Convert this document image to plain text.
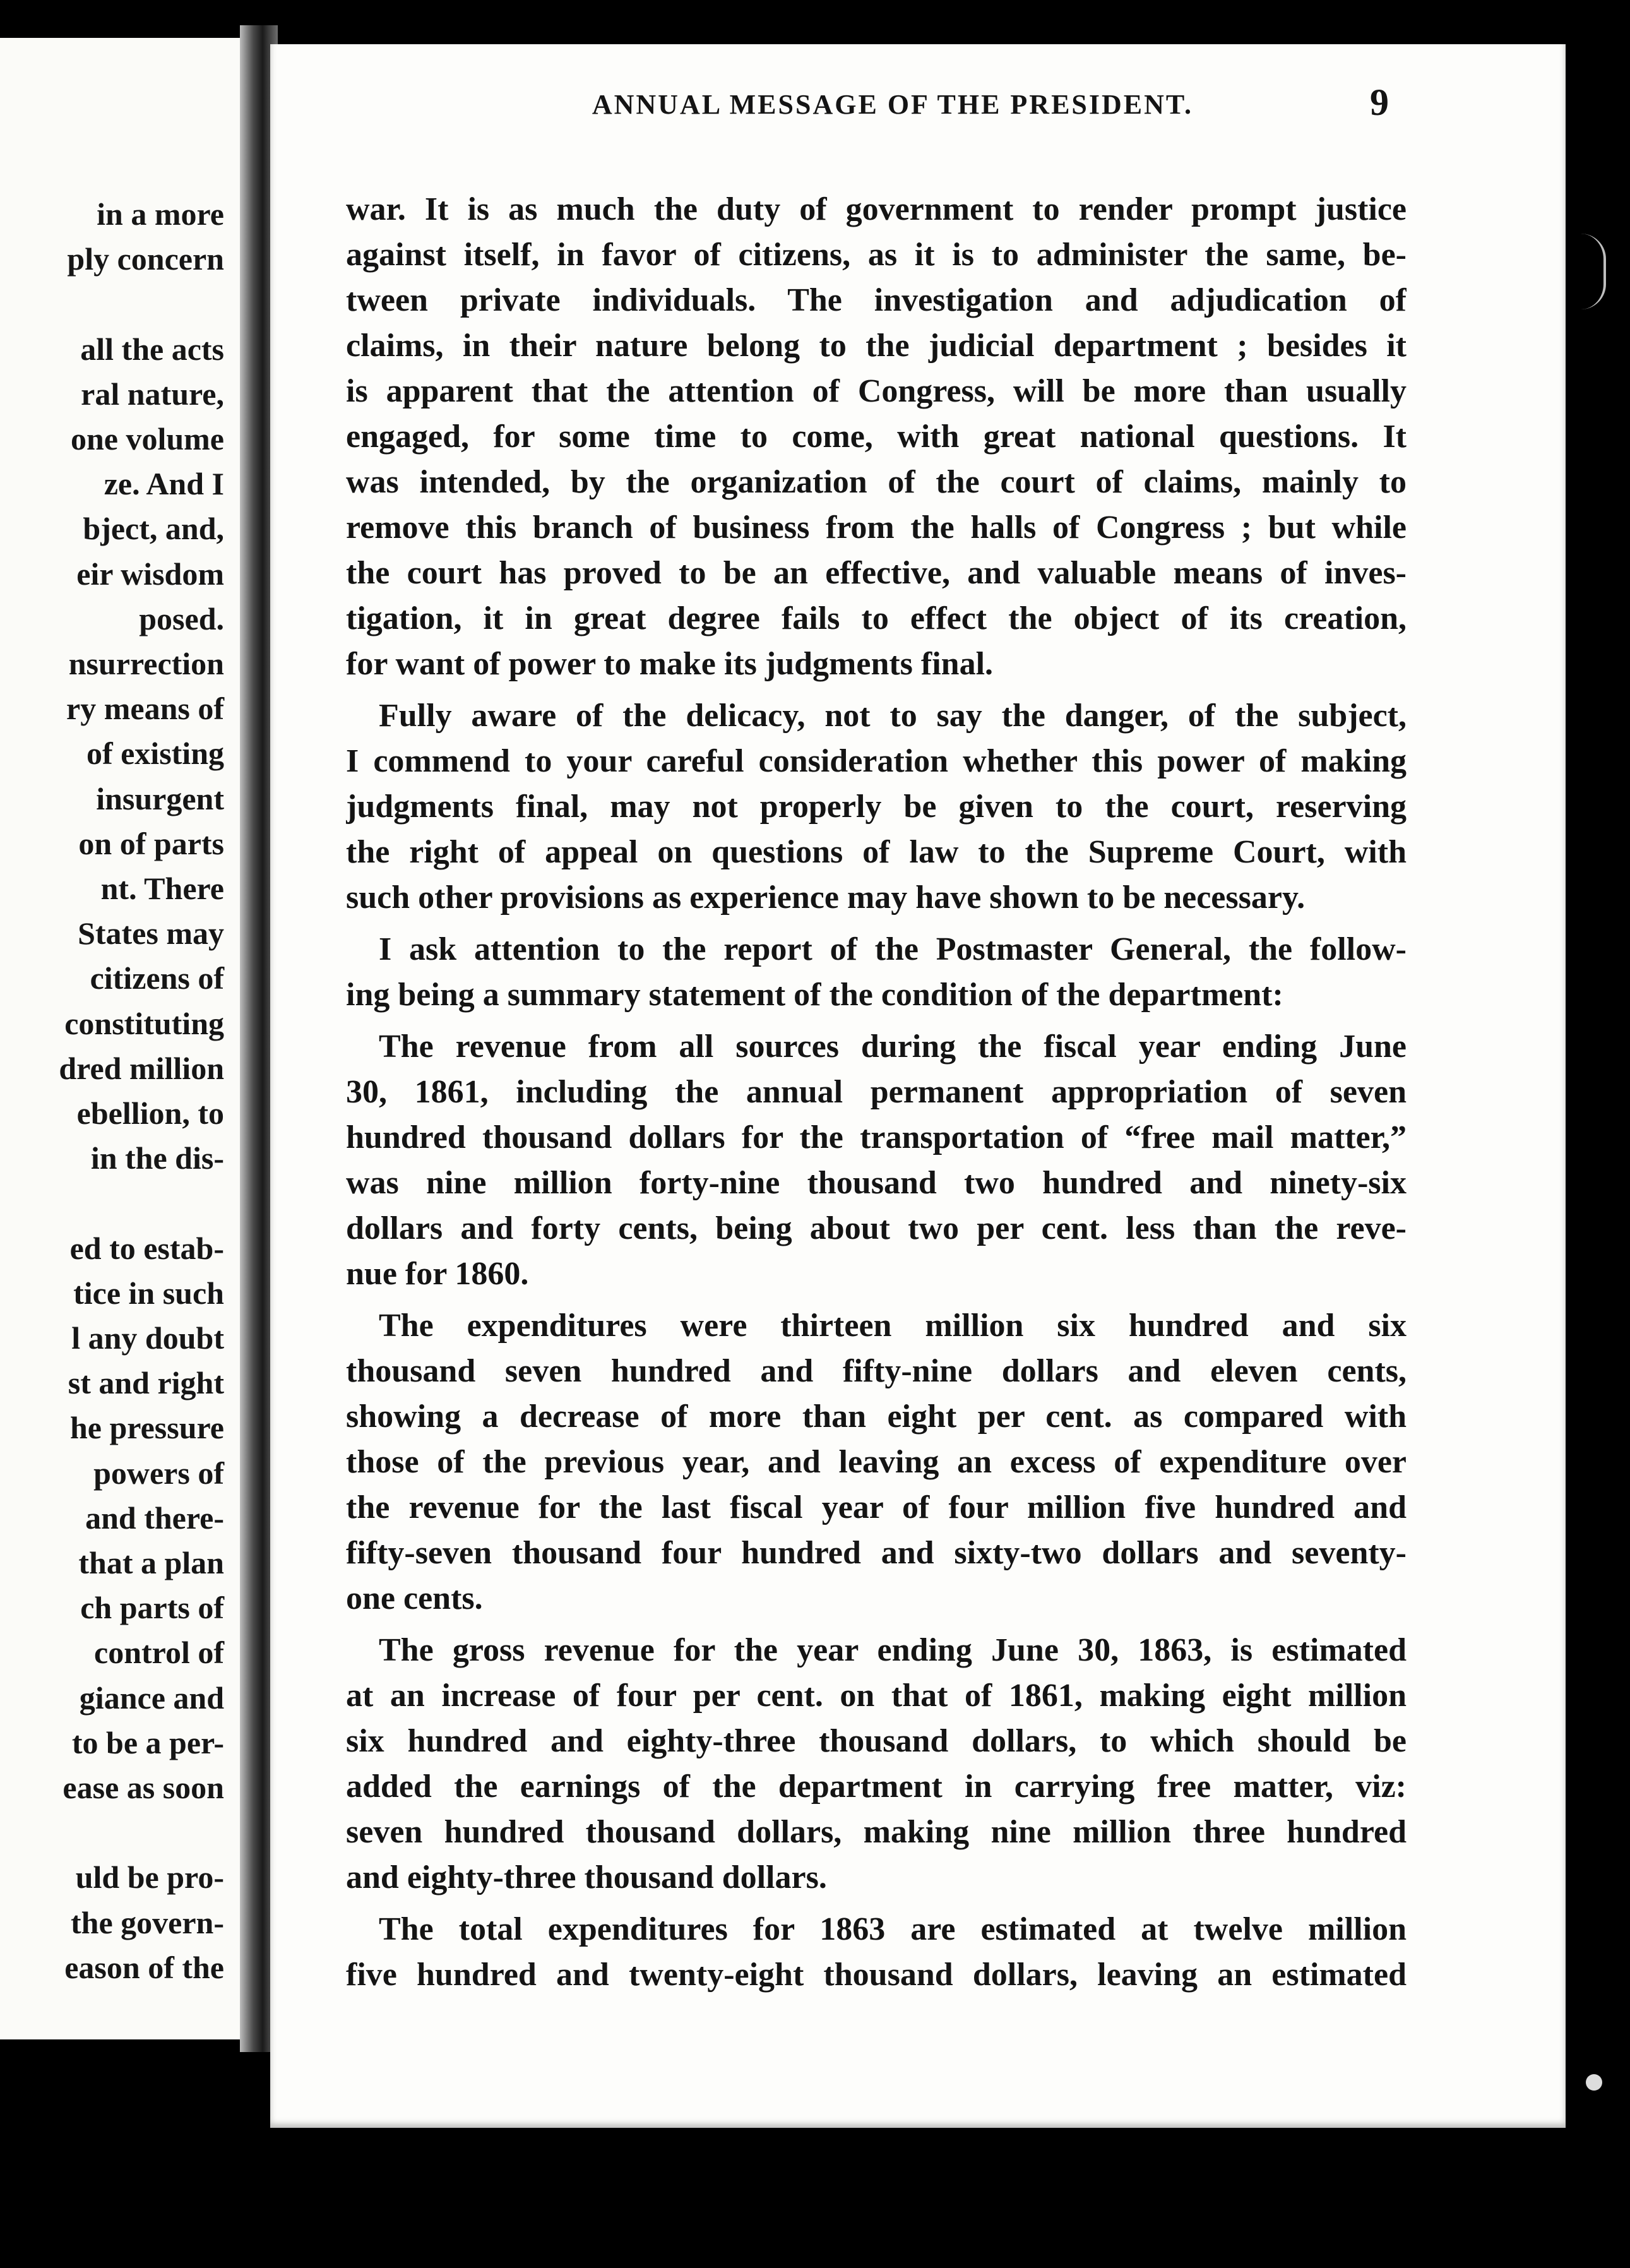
in a more
ply concern
all the acts
ral nature,
one volume
ze. And I
bject, and,
eir wisdom
posed.
nsurrection
ry means of
of existing
insurgent
on of parts
nt. There
States may
citizens of
constituting
dred million
ebellion, to
in the dis-
ed to estab-
tice in such
l any doubt
st and right
he pressure
powers of
and there-
that a plan
ch parts of
control of
giance and
to be a per-
ease as soon
uld be pro-
the govern-
eason of the
ANNUAL MESSAGE OF THE PRESIDENT.	9
war. It is as much the duty of government to render prompt justice
against itself, in favor of citizens, as it is to administer the same, be-
tween private individuals. The investigation and adjudication of
claims, in their nature belong to the judicial department ; besides it
is apparent that the attention of Congress, will be more than usually
engaged, for some time to come, with great national questions. It
was intended, by the organization of the court of claims, mainly to
remove this branch of business from the halls of Congress ; but while
the court has proved to be an effective, and valuable means of inves-
tigation, it in great degree fails to effect the object of its creation,
for want of power to make its judgments final.
Fully aware of the delicacy, not to say the danger, of the subject,
I commend to your careful consideration whether this power of making
judgments final, may not properly be given to the court, reserving
the right of appeal on questions of law to the Supreme Court, with
such other provisions as experience may have shown to be necessary.
I ask attention to the report of the Postmaster General, the follow-
ing being a summary statement of the condition of the department:
The revenue from all sources during the fiscal year ending June
30, 1861, including the annual permanent appropriation of seven
hundred thousand dollars for the transportation of “free mail matter,”
was nine million forty-nine thousand two hundred and ninety-six
dollars and forty cents, being about two per cent. less than the reve-
nue for 1860.
The expenditures were thirteen million six hundred and six
thousand seven hundred and fifty-nine dollars and eleven cents,
showing a decrease of more than eight per cent. as compared with
those of the previous year, and leaving an excess of expenditure over
the revenue for the last fiscal year of four million five hundred and
fifty-seven thousand four hundred and sixty-two dollars and seventy-
one cents.
The gross revenue for the year ending June 30, 1863, is estimated
at an increase of four per cent. on that of 1861, making eight million
six hundred and eighty-three thousand dollars, to which should be
added the earnings of the department in carrying free matter, viz:
seven hundred thousand dollars, making nine million three hundred
and eighty-three thousand dollars.
The total expenditures for 1863 are estimated at twelve million
five hundred and twenty-eight thousand dollars, leaving an estimated
